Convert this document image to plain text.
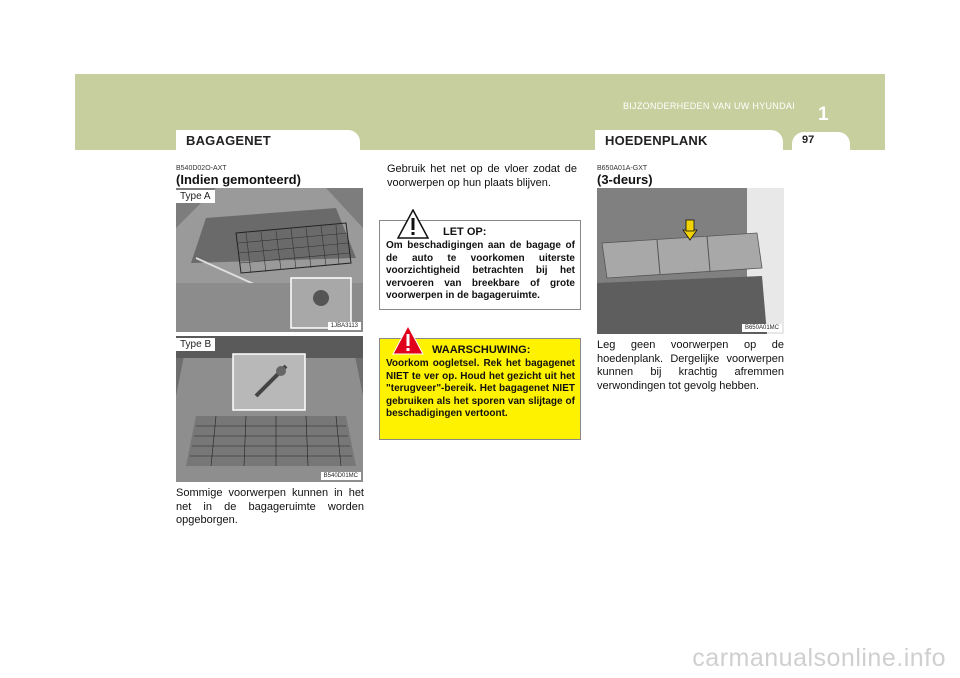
1
BIJZONDERHEDEN VAN UW HYUNDAI
BAGAGENET	HOEDENPLANK	97
B540D02O-AXT
(Indien gemonteerd)
Type A
1JBA3113
Type B
B540D01MC
Sommige voorwerpen kunnen in het net in de bagageruimte worden opgeborgen.
Gebruik het net op de vloer zodat de voorwerpen op hun plaats blijven.
LET OP:
Om beschadigingen aan de bagage of de auto te voorkomen uiterste voorzichtigheid betrachten bij het vervoeren van breekbare of grote voorwerpen in de bagageruimte.
WAARSCHUWING:
Voorkom oogletsel. Rek het bagagenet NIET te ver op. Houd het gezicht uit het "terugveer"-bereik. Het bagagenet NIET gebruiken als het sporen van slijtage of beschadigingen vertoont.
B650A01A-GXT
(3-deurs)
B650A01MC
Leg geen voorwerpen op de hoedenplank. Dergelijke voorwerpen kunnen bij krachtig afremmen verwondingen tot gevolg hebben.
carmanualsonline.info
